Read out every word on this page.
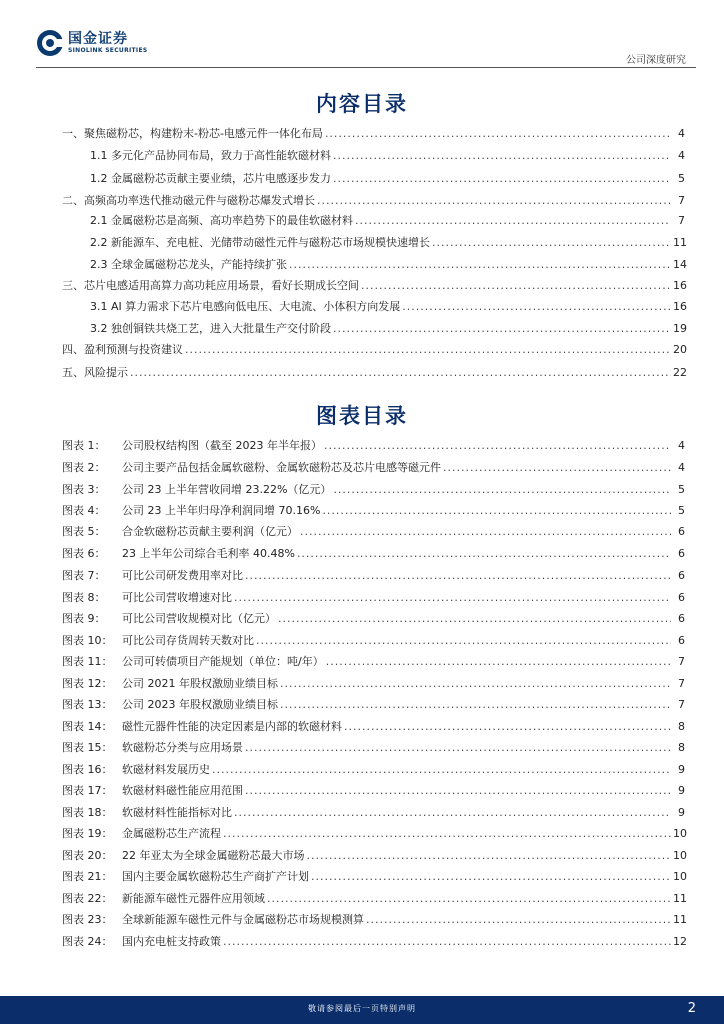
国金证券
SINOLINK SECURITIES
公司深度研究
内容目录
一、聚焦磁粉芯，构建粉末-粉芯-电感元件一体化布局 .....	4
1.1 多元化产品协同布局，致力于高性能软磁材料 .....	4
1.2 金属磁粉芯贡献主要业绩，芯片电感逐步发力 .....	5
二、高频高功率迭代推动磁元件与磁粉芯爆发式增长 .....	7
2.1 金属磁粉芯是高频、高功率趋势下的最佳软磁材料 .....	7
2.2 新能源车、充电桩、光储带动磁性元件与磁粉芯市场规模快速增长 .....	11
2.3 全球金属磁粉芯龙头，产能持续扩张 .....	14
三、芯片电感适用高算力高功耗应用场景，看好长期成长空间 .....	16
3.1 AI 算力需求下芯片电感向低电压、大电流、小体积方向发展 .....	16
3.2 独创铜铁共烧工艺，进入大批量生产交付阶段 .....	19
四、盈利预测与投资建议 .....	20
五、风险提示 .....	22
图表目录
图表 1：	公司股权结构图（截至 2023 年半年报） .....	4
图表 2：	公司主要产品包括金属软磁粉、金属软磁粉芯及芯片电感等磁元件 .....	4
图表 3：	公司 23 上半年营收同增 23.22%（亿元） .....	5
图表 4：	公司 23 上半年归母净利润同增 70.16% .....	5
图表 5：	合金软磁粉芯贡献主要利润（亿元） .....	6
图表 6：	23 上半年公司综合毛利率 40.48% .....	6
图表 7：	可比公司研发费用率对比 .....	6
图表 8：	可比公司营收增速对比 .....	6
图表 9：	可比公司营收规模对比（亿元） .....	6
图表 10： 可比公司存货周转天数对比 .....	6
图表 11： 公司可转债项目产能规划（单位：吨/年） .....	7
图表 12： 公司 2021 年股权激励业绩目标 .....	7
图表 13： 公司 2023 年股权激励业绩目标 .....	7
图表 14： 磁性元器件性能的决定因素是内部的软磁材料 .....	8
图表 15： 软磁粉芯分类与应用场景 .....	8
图表 16： 软磁材料发展历史 .....	9
图表 17： 软磁材料磁性能应用范围 .....	9
图表 18： 软磁材料性能指标对比 .....	9
图表 19： 金属磁粉芯生产流程 .....	10
图表 20： 22 年亚太为全球金属磁粉芯最大市场 .....	10
图表 21： 国内主要金属软磁粉芯生产商扩产计划 .....	10
图表 22： 新能源车磁性元器件应用领域 .....	11
图表 23： 全球新能源车磁性元件与金属磁粉芯市场规模测算 .....	11
图表 24： 国内充电桩支持政策 .....	12
敬请参阅最后一页特别声明	2
